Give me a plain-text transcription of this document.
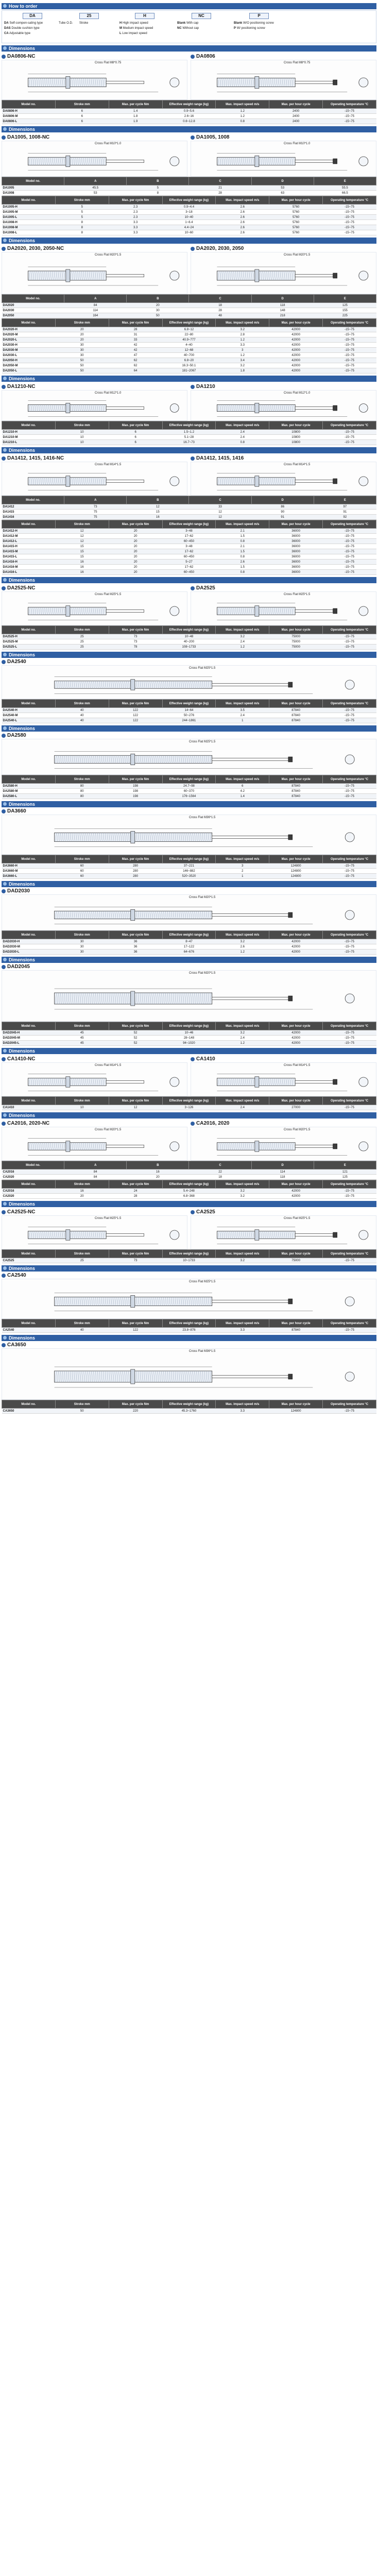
How to order
DA	25	H	NC	P
DA Self-compen-sating type
DAS Double cushion type
CA Adjustable type
Tube O.D. Stroke	H High impact speed
M Medium impact speed
L Low impact speed
Blank With cap
NC Without cap
Blank W/O positioning screw
P W/ positioning screw
Dimensions
DA0806-NC
Cross Flat M8*0.75
DA0806
Cross Flat M8*0.75
Model no.	Stroke mm	Max. per cycle Nm	Effective weight range (kg)	Max. impact speed m/s	Max. per hour cycle	Operating temperature °C
DA0806-H	6	1.4	0.9~5.6	1.2	2400	-15~75
DA0806-M	6	1.8	2.6~16	1.2	2400	-15~75
DA0806-L	6	1.9	0.6~12.8	0.8	2400	-15~75
Dimensions
DA1005, 1008-NC
Cross Flat M10*1.0
DA1005, 1008
Cross Flat M10*1.0
Model no.	A	B	C	D	E
DA1005	45.5	5	21	53	55.5
DA1008	53	8	28	63	66.5
Model no.	Stroke mm	Max. per cycle Nm	Effective weight range (kg)	Max. impact speed m/s	Max. per hour cycle	Operating temperature °C
DA1005-H	5	2.3	0.9~4.4	2.6	5760	-15~75
DA1005-M	5	2.3	3~18	2.6	5760	-15~75
DA1005-L	5	2.3	10~40	2.6	5760	-15~75
DA1008-H	8	3.3	1~6.4	2.6	5760	-15~75
DA1008-M	8	3.3	4.4~24	2.6	5760	-15~75
DA1008-L	8	3.3	10~60	2.6	5760	-15~75
Dimensions
DA2020, 2030, 2050-NC
Cross Flat M20*1.5
DA2020, 2030, 2050
Cross Flat M20*1.5
Model no.	A	B	C	D	E
DA2020	84	20	18	118	125
DA2030	114	30	28	148	155
DA2050	164	50	48	218	225
Model no.	Stroke mm	Max. per cycle Nm	Effective weight range (kg)	Max. impact speed m/s	Max. per hour cycle	Operating temperature °C
DA2020-H	20	28	6.8~12	3.2	42000	-15~75
DA2020-M	20	31	22~80	2.8	42000	-15~75
DA2020-L	20	33	40.9~777	1.2	42000	-15~75
DA2030-H	30	42	4~40	3.3	42000	-15~75
DA2030-M	30	42	12~68	3	42000	-15~75
DA2030-L	30	47	40~700	1.2	42000	-15~75
DA2050-H	50	62	6.8~20	3.4	42000	-15~75
DA2050-M	50	62	16.3~50.1	3.2	42000	-15~75
DA2050-L	50	64	181~2067	1.8	42000	-15~75
Dimensions
DA1210-NC
Cross Flat M12*1.0
DA1210
Cross Flat M12*1.0
Model no.	Stroke mm	Max. per cycle Nm	Effective weight range (kg)	Max. impact speed m/s	Max. per hour cycle	Operating temperature °C
DA1210-H	10	6	1.5~1.2	2.4	10800	-15~75
DA1210-M	10	6	5.1~28	2.4	10800	-15~75
DA1210-L	10	6	16.7~73	0.8	10800	-15~75
Dimensions
DA1412, 1415, 1416-NC
Cross Flat M14*1.5
DA1412, 1415, 1416
Cross Flat M14*1.5
Model no.	A	B	C	D	E
DA1412	73	12	33	86	97
DA1415	75	15	12	90	91
DA1416	75	16	12	91	92
Model no.	Stroke mm	Max. per cycle Nm	Effective weight range (kg)	Max. impact speed m/s	Max. per hour cycle	Operating temperature °C
DA1412-H	12	20	3~48	2.1	36000	-15~75
DA1412-M	12	20	17~62	1.5	36000	-15~75
DA1412-L	12	20	60~450	0.8	36000	-15~75
DA1415-H	15	20	3~48	2.1	36000	-15~75
DA1415-M	15	20	17~62	1.5	36000	-15~75
DA1415-L	15	20	60~450	0.8	36000	-15~75
DA1416-H	16	20	5~27	2.6	36000	-15~75
DA1416-M	16	20	17~62	1.5	36000	-15~75
DA1416-L	16	20	60~450	0.8	36000	-15~75
Dimensions
DA2525-NC
Cross Flat M25*1.5
DA2525
Cross Flat M25*1.5
Model no.	Stroke mm	Max. per cycle Nm	Effective weight range (kg)	Max. impact speed m/s	Max. per hour cycle	Operating temperature °C
DA2525-H	25	73	10~48	3.2	75000	-15~75
DA2525-M	25	73	40~200	2.4	75000	-15~75
DA2525-L	25	78	108~1733	1.2	75000	-15~75
Dimensions
DA2540
Cross Flat M25*1.5
Model no.	Stroke mm	Max. per cycle Nm	Effective weight range (kg)	Max. impact speed m/s	Max. per hour cycle	Operating temperature °C
DA2540-H	40	122	14~64	3.5	87840	-15~75
DA2540-M	40	122	50~276	2.4	87840	-15~75
DA2540-L	40	122	244~1861	1	87840	-15~75
Dimensions
DA2580
Cross Flat M25*1.5
Model no.	Stroke mm	Max. per cycle Nm	Effective weight range (kg)	Max. impact speed m/s	Max. per hour cycle	Operating temperature °C
DA2580-H	80	198	24.7~98	6	87840	-15~75
DA2580-M	80	198	60~370	4.2	87840	-15~75
DA2580-L	80	198	176~1564	1.4	87840	-15~75
Dimensions
DA3660
Cross Flat M36*1.5
Model no.	Stroke mm	Max. per cycle Nm	Effective weight range (kg)	Max. impact speed m/s	Max. per hour cycle	Operating temperature °C
DA3660-H	60	280	37~221	3	124800	-15~75
DA3660-M	60	280	146~882	2	124800	-15~75
DA3660-L	60	280	520~3520	1	124800	-15~75
Dimensions
DAD2030
Cross Flat M20*1.5
Model no.	Stroke mm	Max. per cycle Nm	Effective weight range (kg)	Max. impact speed m/s	Max. per hour cycle	Operating temperature °C
DAD2030-H	30	36	8~47	3.2	42000	-15~75
DAD2030-M	30	36	17~122	2.6	42000	-15~75
DAD2030-L	30	36	64~676	1.2	42000	-15~75
Dimensions
DAD2045
Cross Flat M20*1.5
Model no.	Stroke mm	Max. per cycle Nm	Effective weight range (kg)	Max. impact speed m/s	Max. per hour cycle	Operating temperature °C
DAD2045-H	45	52	10~46	3.2	42000	-15~75
DAD2045-M	45	52	28~148	2.4	42000	-15~75
DAD2045-L	45	52	94~1020	1.2	42000	-15~75
Dimensions
CA1410-NC
Cross Flat M14*1.5
CA1410
Cross Flat M14*1.5
Model no.	Stroke mm	Max. per cycle Nm	Effective weight range (kg)	Max. impact speed m/s	Max. per hour cycle	Operating temperature °C
CA1410	10	12	3~126	2.4	27000	-15~75
Dimensions
CA2016, 2020-NC
Cross Flat M20*1.5
CA2016, 2020
Cross Flat M20*1.5
Model no.	A	B	C	D	E
CA2016	84	16	22	114	121
CA2020	84	20	18	118	125
Model no.	Stroke mm	Max. per cycle Nm	Effective weight range (kg)	Max. impact speed m/s	Max. per hour cycle	Operating temperature °C
CA2016	16	24	5.4~248	3.2	42000	-15~75
CA2020	20	28	6.8~368	3.2	42000	-15~75
Dimensions
CA2525-NC
Cross Flat M25*1.5
CA2525
Cross Flat M25*1.5
Model no.	Stroke mm	Max. per cycle Nm	Effective weight range (kg)	Max. impact speed m/s	Max. per hour cycle	Operating temperature °C
CA2525	25	73	10~1733	3.2	75000	-15~75
Dimensions
CA2540
Cross Flat M25*1.5
Model no.	Stroke mm	Max. per cycle Nm	Effective weight range (kg)	Max. impact speed m/s	Max. per hour cycle	Operating temperature °C
CA2540	40	122	23.8~876	3.3	87840	-15~75
Dimensions
CA3650
Cross Flat M36*1.5
Model no.	Stroke mm	Max. per cycle Nm	Effective weight range (kg)	Max. impact speed m/s	Max. per hour cycle	Operating temperature °C
CA3650	50	220	45.3~1760	3.3	124800	-15~75
